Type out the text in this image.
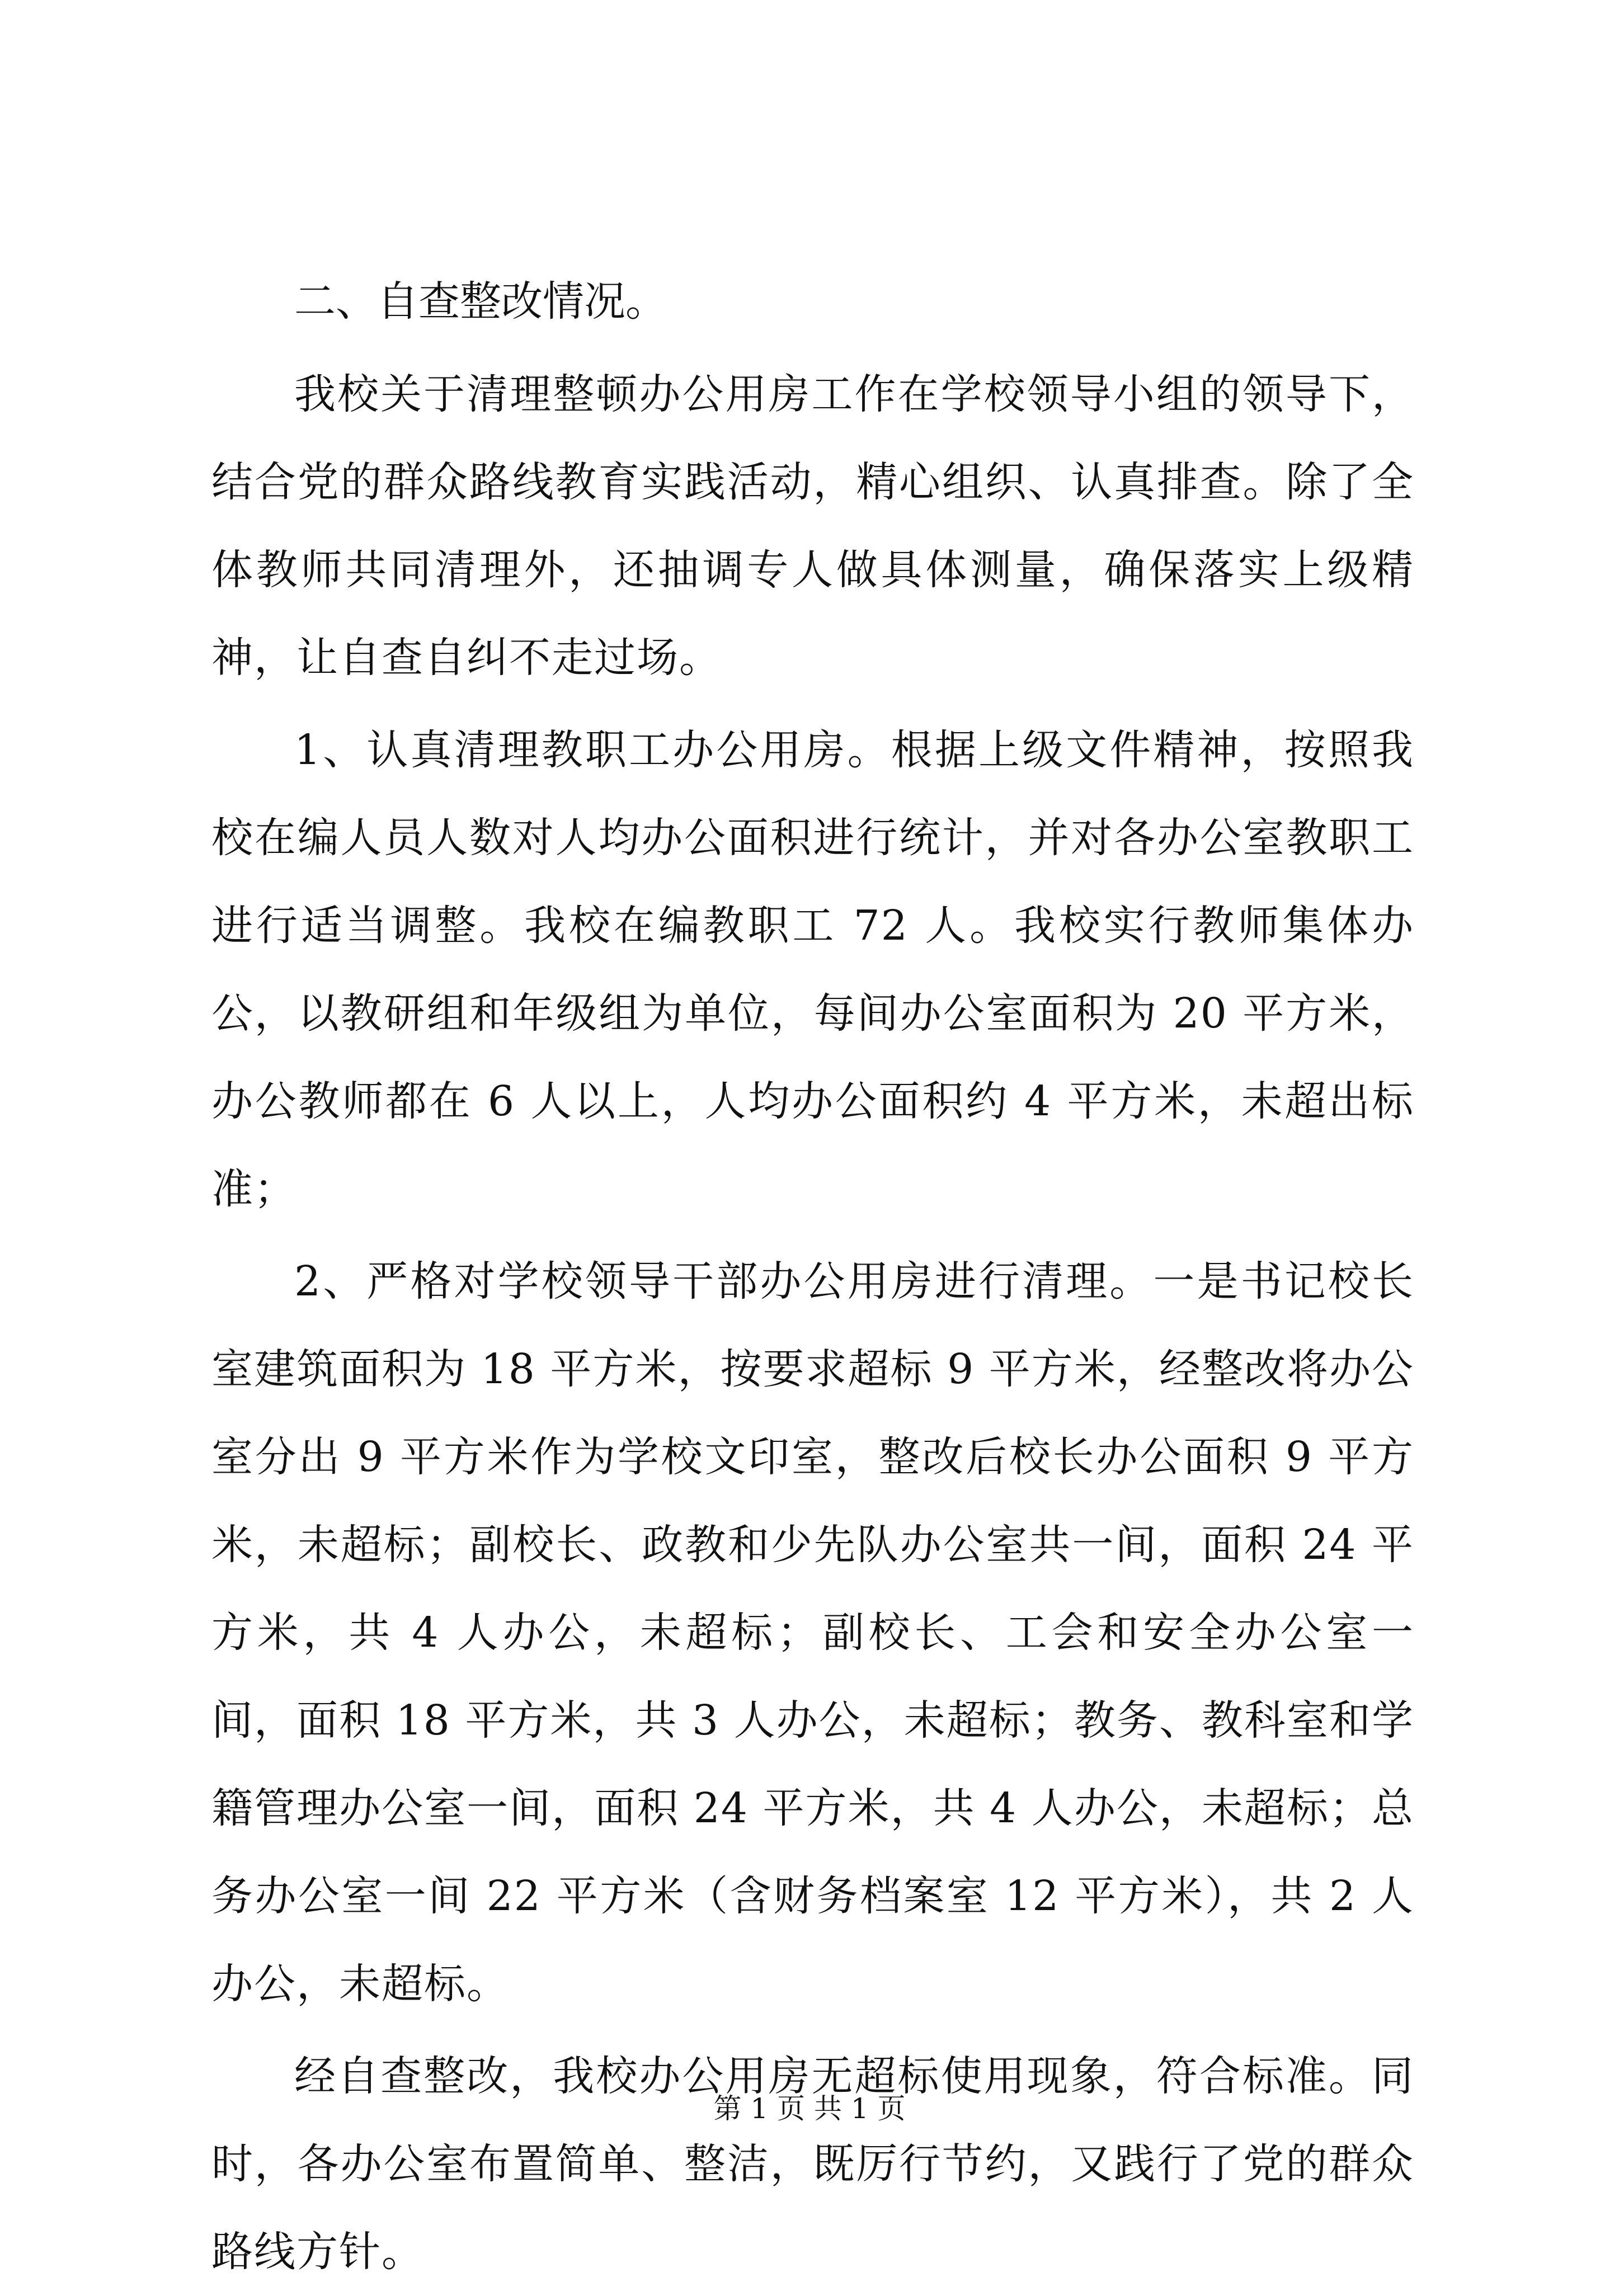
二、自查整改情况。

我校关于清理整顿办公用房工作在学校领导小组的领导下，结合党的群众路线教育实践活动，精心组织、认真排查。除了全体教师共同清理外，还抽调专人做具体测量，确保落实上级精神，让自查自纠不走过场。

1、认真清理教职工办公用房。根据上级文件精神，按照我校在编人员人数对人均办公面积进行统计，并对各办公室教职工进行适当调整。我校在编教职工 72 人。我校实行教师集体办公，以教研组和年级组为单位，每间办公室面积为 20 平方米，办公教师都在 6 人以上，人均办公面积约 4 平方米，未超出标准；

2、严格对学校领导干部办公用房进行清理。一是书记校长室建筑面积为 18 平方米，按要求超标 9 平方米，经整改将办公室分出 9 平方米作为学校文印室，整改后校长办公面积 9 平方米，未超标；副校长、政教和少先队办公室共一间，面积 24 平方米，共 4 人办公，未超标；副校长、工会和安全办公室一间，面积 18 平方米，共 3 人办公，未超标；教务、教科室和学籍管理办公室一间，面积 24 平方米，共 4 人办公，未超标；总务办公室一间 22 平方米（含财务档案室 12 平方米），共 2 人办公，未超标。

经自查整改，我校办公用房无超标使用现象，符合标准。同时，各办公室布置简单、整洁，既厉行节约，又践行了党的群众路线方针。

第 1 页 共 1 页
